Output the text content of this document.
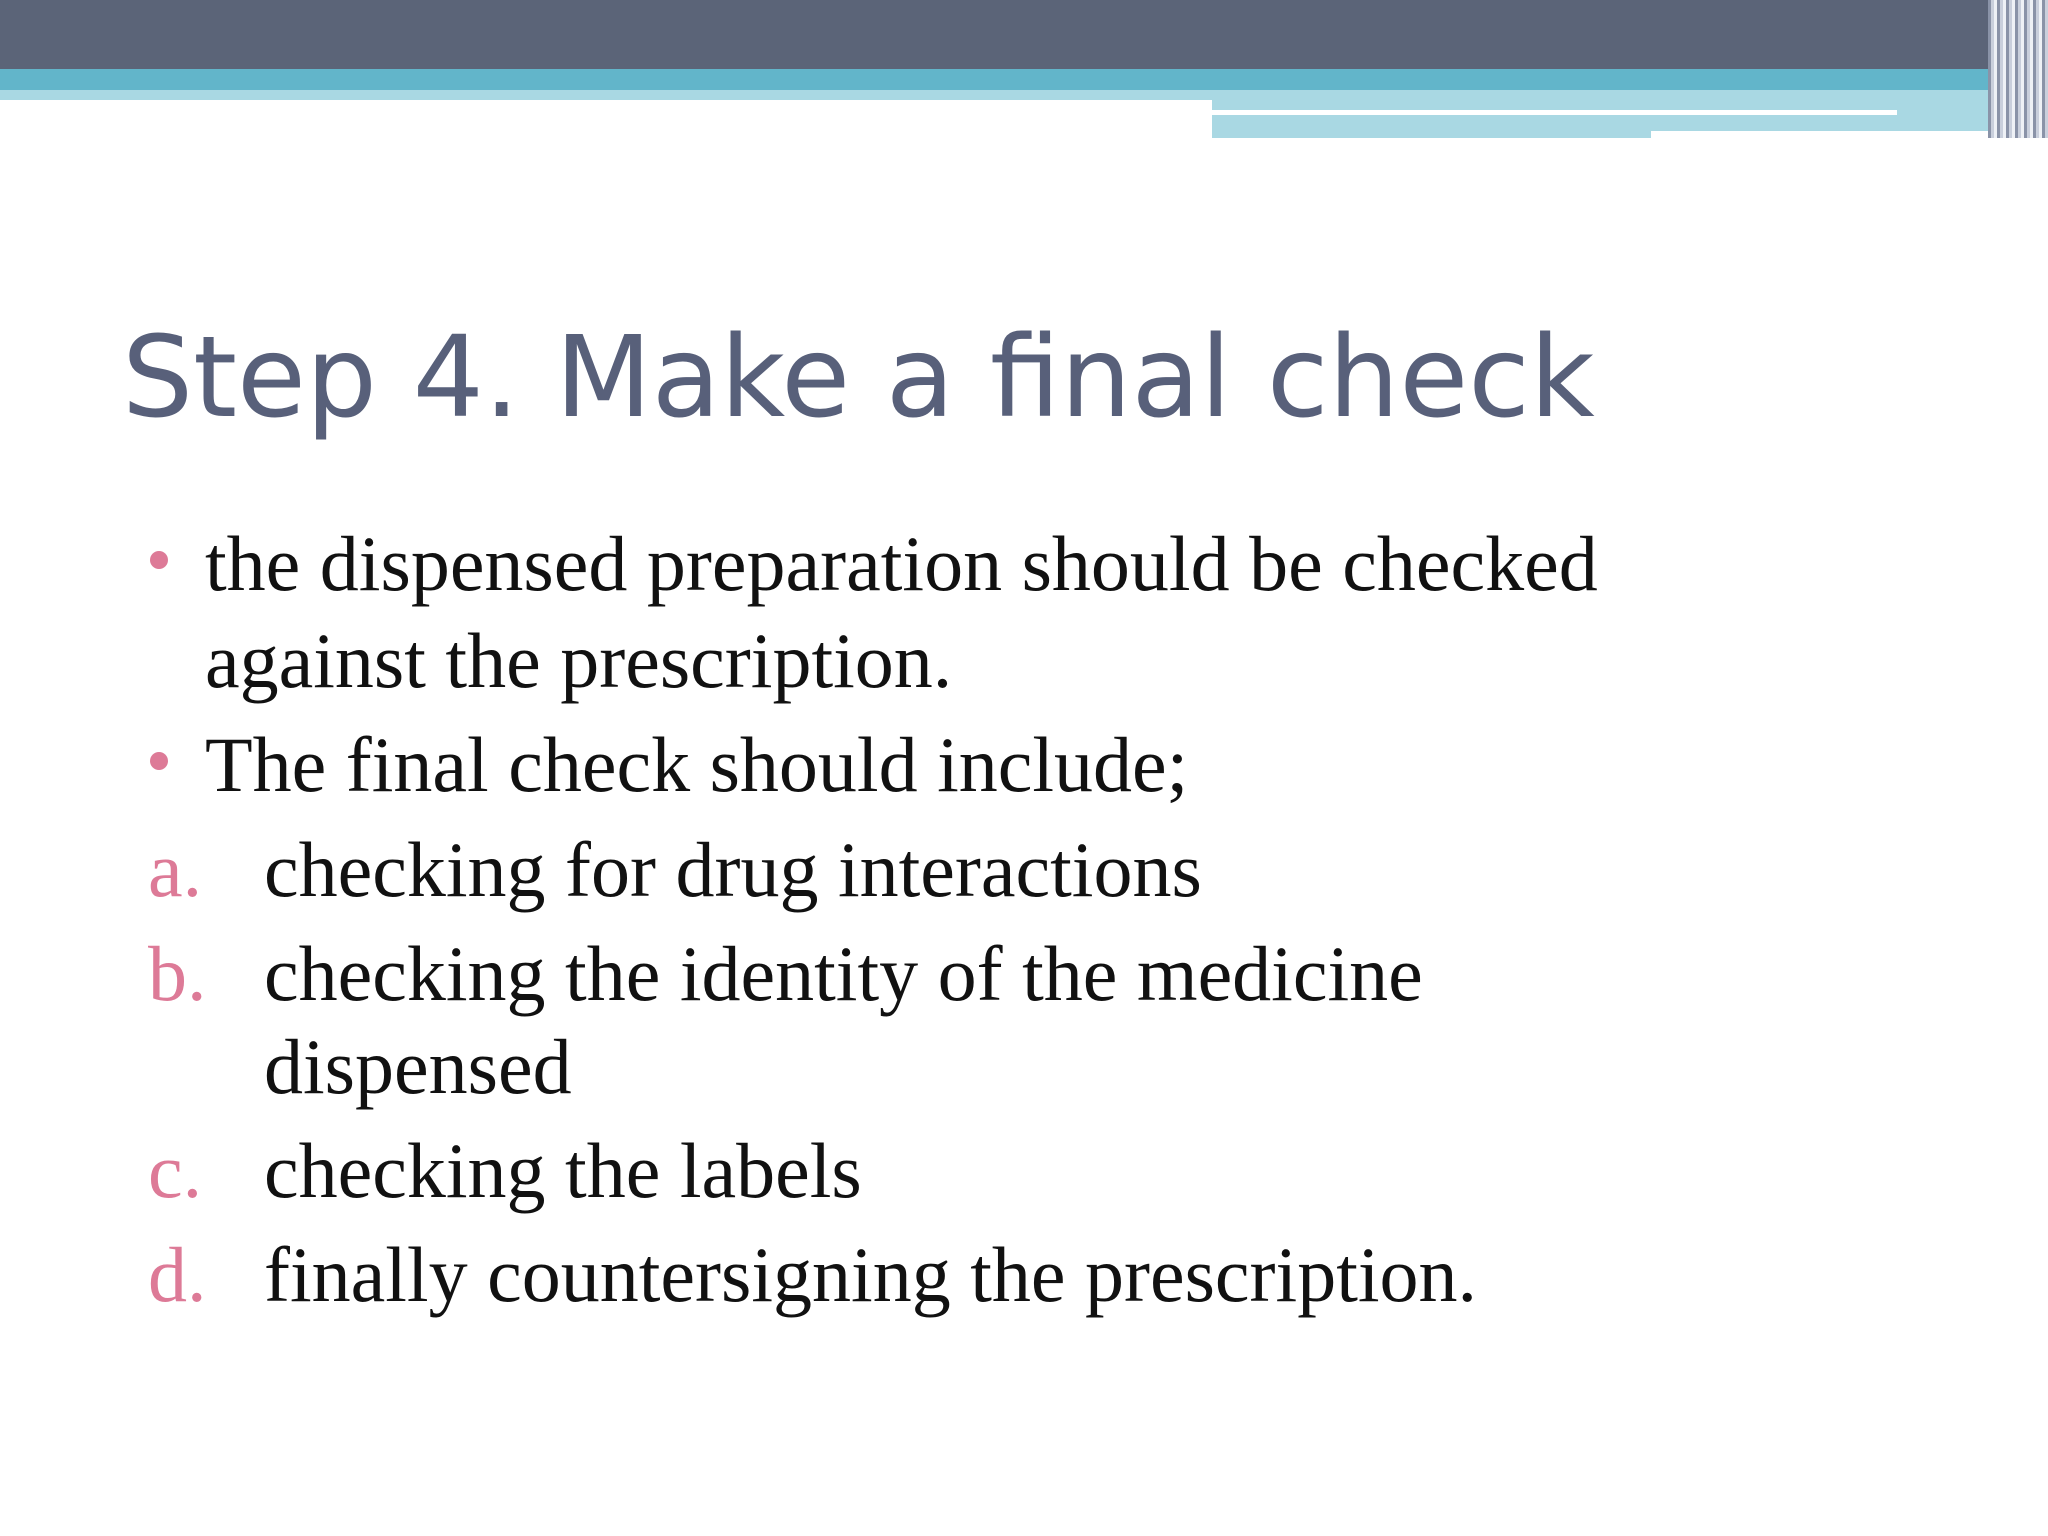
Step 4. Make a final check
the dispensed preparation should be checked
against the prescription.
The final check should include;
a. checking for drug interactions
b. checking the identity of the medicine
dispensed
c. checking the labels
d. finally countersigning the prescription.
